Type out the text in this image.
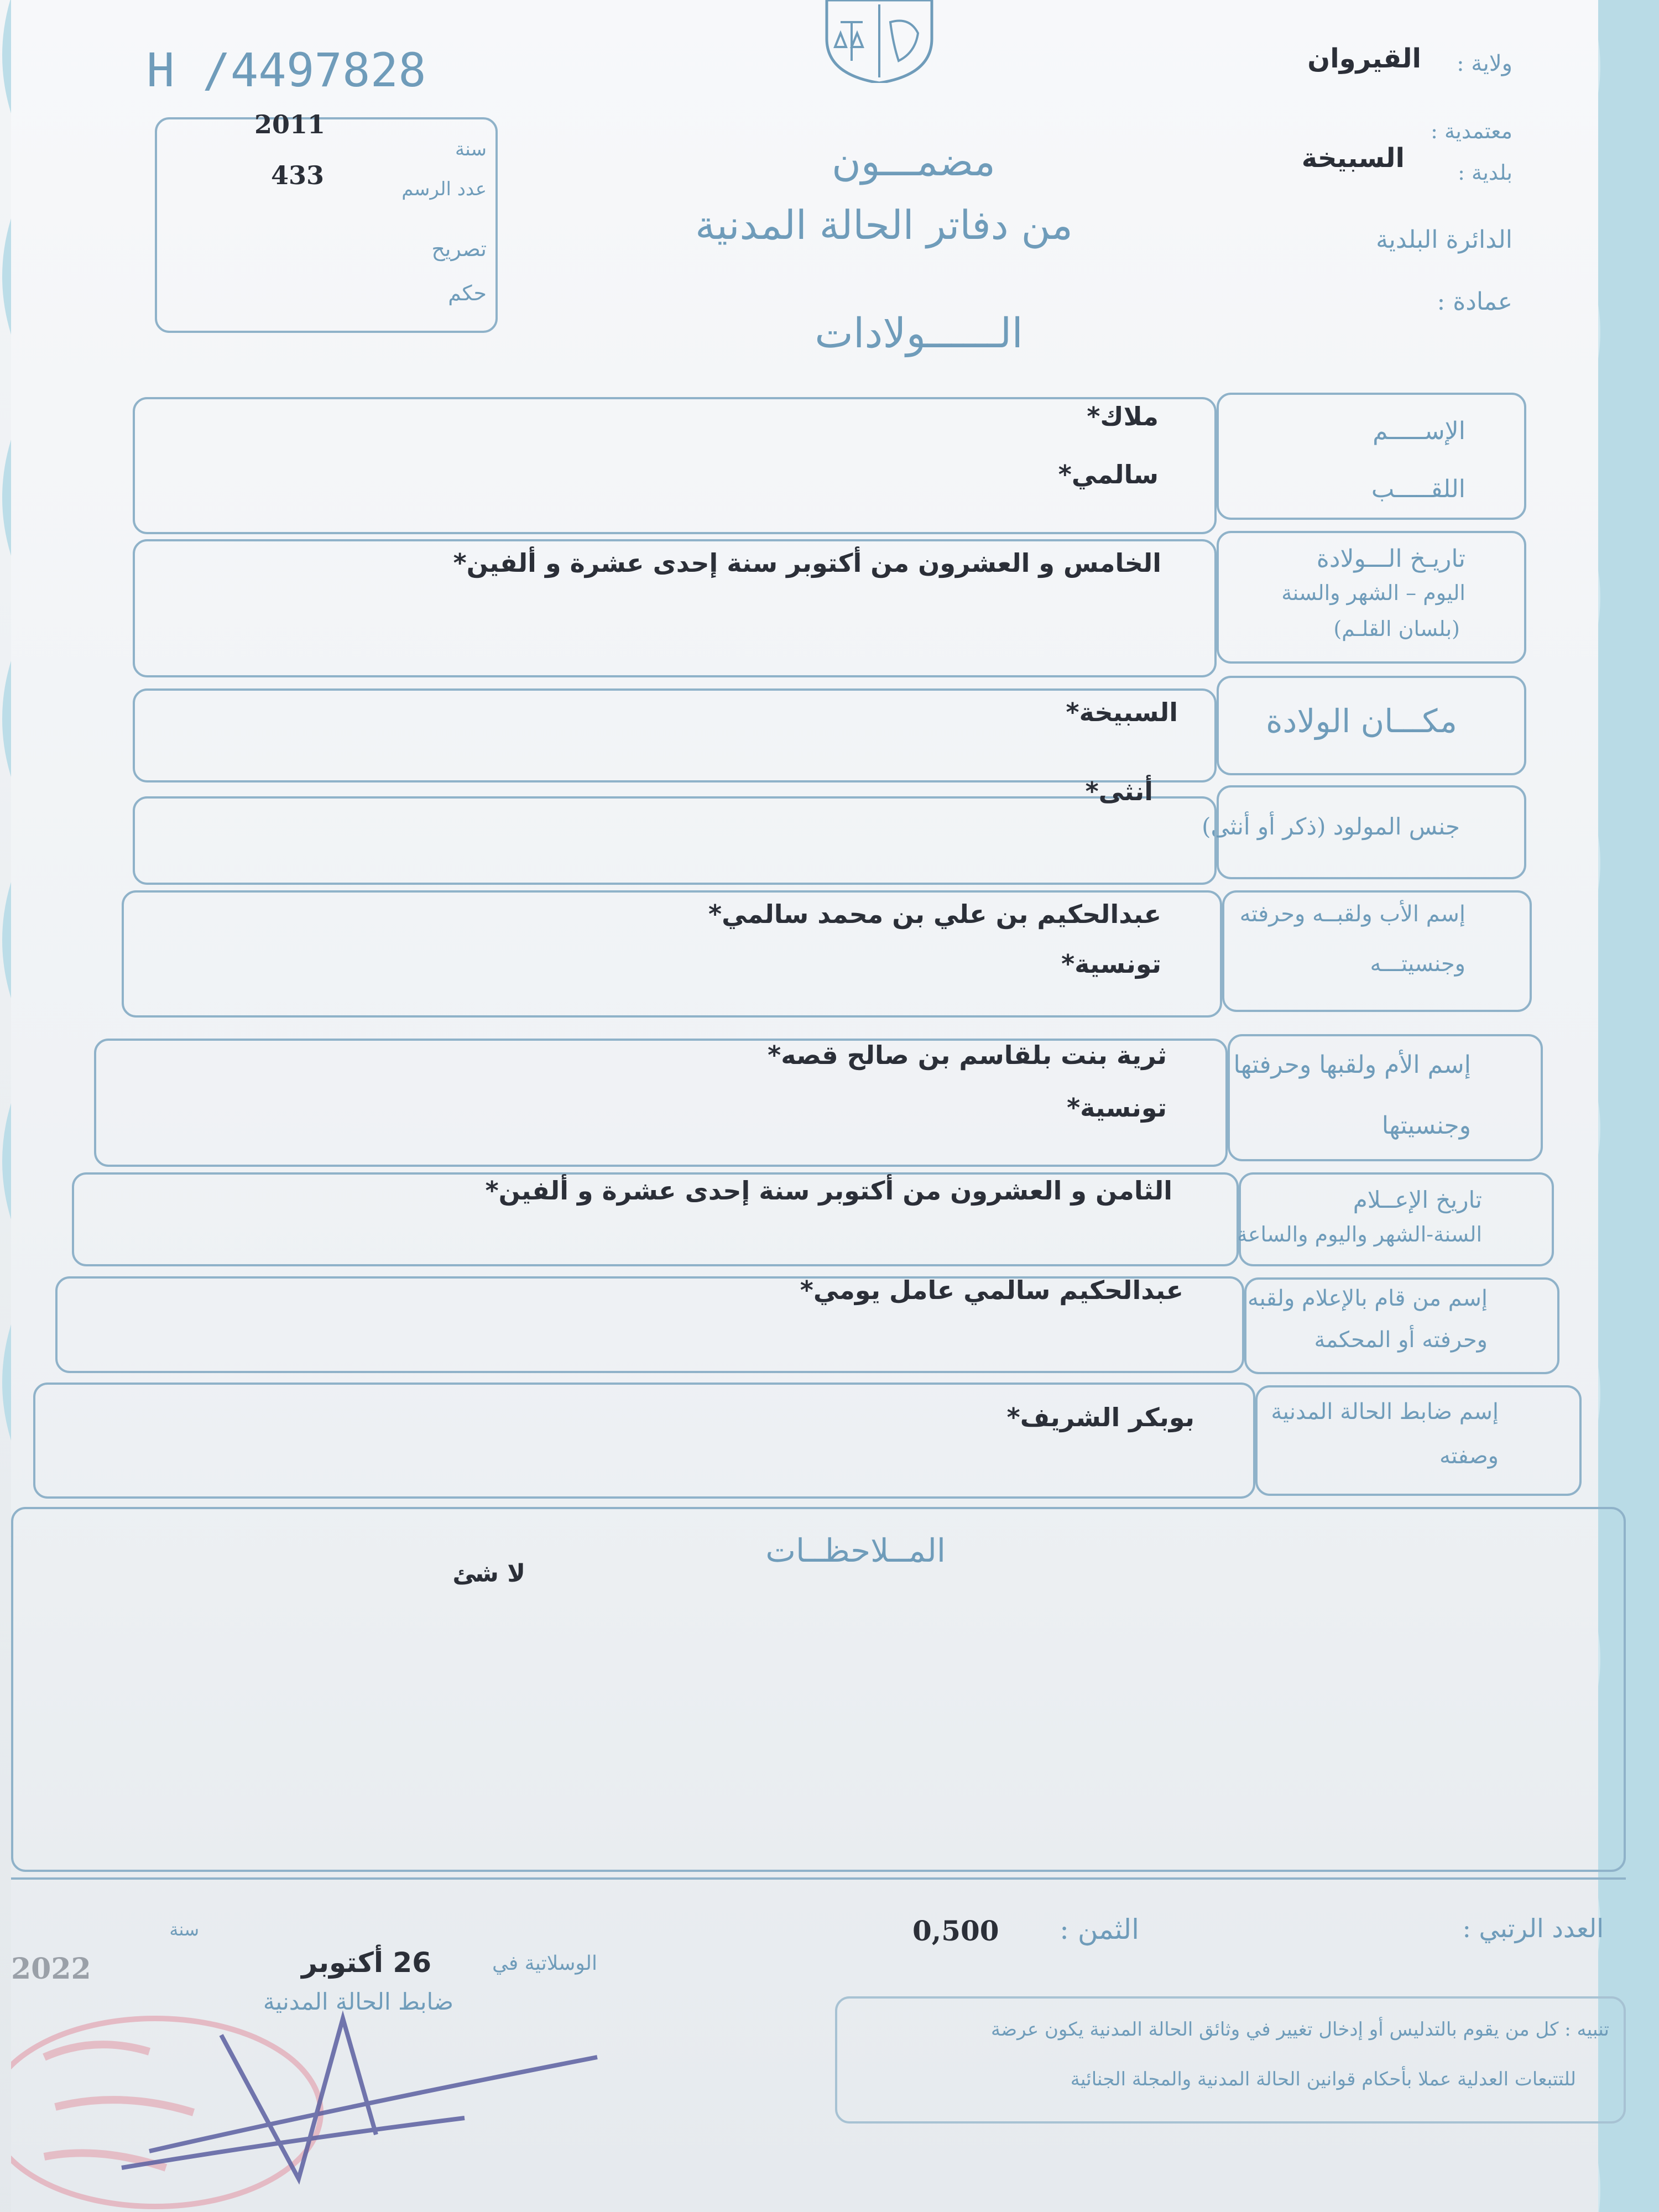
H /4497828
2011
433
سنة
عدد الرسم
تصريح
حكم
مضمـــون
من دفاتر الحالة المدنية
الــــــولادات
ولاية :
القيروان
معتمدية :
بلدية :
السبيخة
الدائرة البلدية
عمادة :
الإســـــم
اللقـــــب
ملاك*
سالمي*
تاريـخ الـــولادة
اليوم – الشهر والسنة
(بلسان القلـم)
الخامس و العشرون من أكتوبر سنة إحدى عشرة و ألفين*
مكـــان الولادة
السبيخة*
جنس المولود (ذكر أو أنثى)
أنثى*
إسم الأب ولقبــه وحرفته
وجنسيتـــه
عبدالحكيم بن علي بن محمد سالمي*
تونسية*
إسم الأم ولقبها وحرفتها
وجنسيتها
ثرية بنت بلقاسم بن صالح قصه*
تونسية*
تاريخ الإعــلام
السنة-الشهر واليوم والساعة
الثامن و العشرون من أكتوبر سنة إحدى عشرة و ألفين*
إسم من قام بالإعلام ولقبه
وحرفته أو المحكمة
عبدالحكيم سالمي عامل يومي*
إسم ضابط الحالة المدنية
وصفته
بوبكر الشريف*
المــلاحظــات
لا شئ
العدد الرتبي :
الثمن :
0,500
الوسلاتية في
26 أكتوبر
سنة
2022
ضابط الحالة المدنية
تنبيه : كل من يقوم بالتدليس أو إدخال تغيير في وثائق الحالة المدنية يكون عرضة
للتتبعات العدلية عملا بأحكام قوانين الحالة المدنية والمجلة الجنائية
